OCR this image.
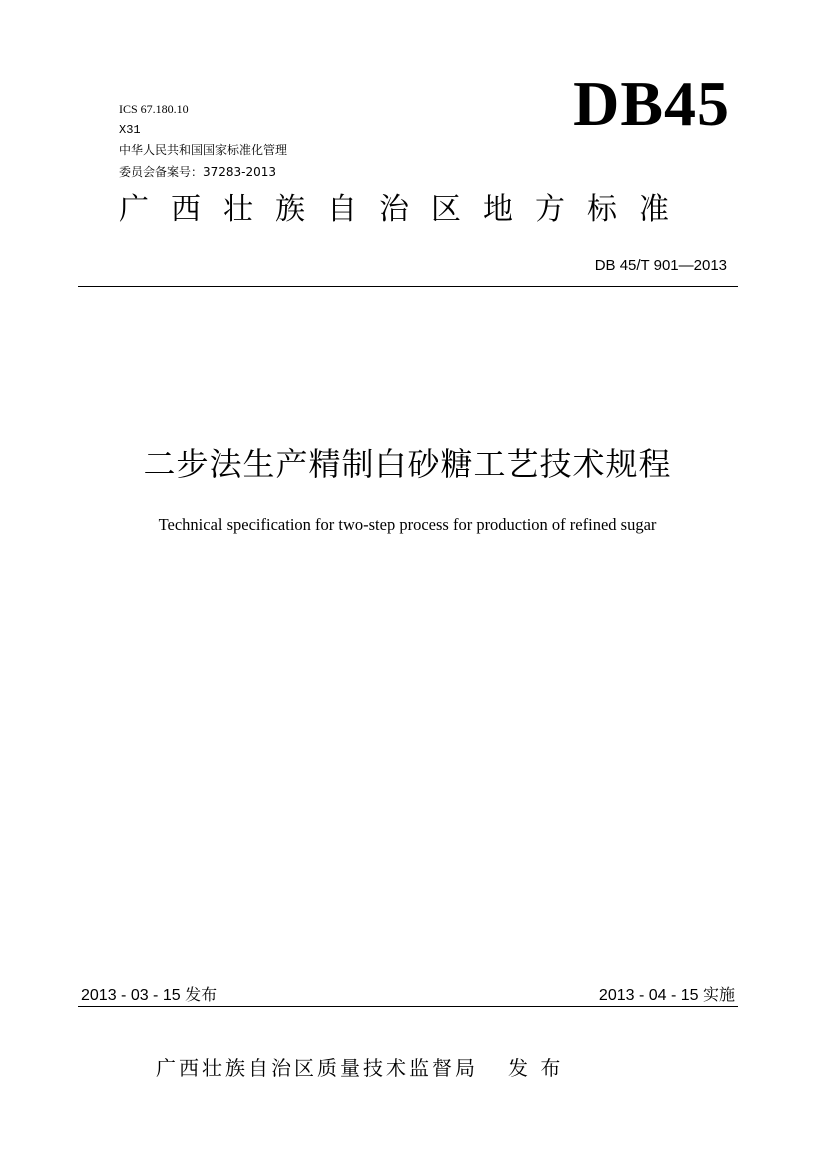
ICS 67.180.10
X31
中华人民共和国国家标准化管理
委员会备案号：37283-2013
DB45
广西壮族自治区地方标准
DB 45/T 901—2013
二步法生产精制白砂糖工艺技术规程
Technical specification for two-step process for production of refined sugar
2013 - 03 - 15 发布	2013 - 04 - 15 实施
广西壮族自治区质量技术监督局 发 布
